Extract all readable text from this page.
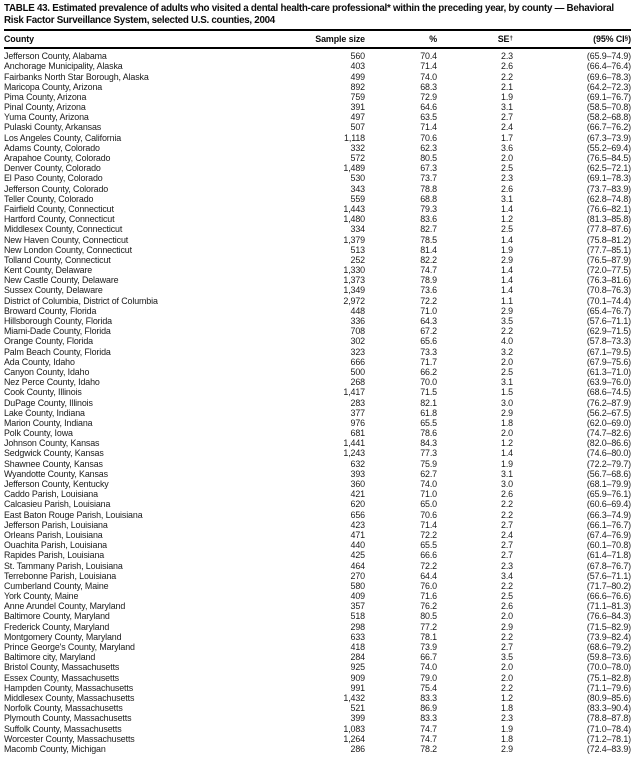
TABLE 43. Estimated prevalence of adults who visited a dental health-care professional* within the preceding year, by county — Behavioral Risk Factor Surveillance System, selected U.S. counties, 2004
County	Sample size	%	SE†	(95% CI§)
Jefferson County, Alabama	560	70.4	2.3	(65.9–74.9)
Anchorage Municipality, Alaska	403	71.4	2.6	(66.4–76.4)
Fairbanks North Star Borough, Alaska	499	74.0	2.2	(69.6–78.3)
Maricopa County, Arizona	892	68.3	2.1	(64.2–72.3)
Pima County, Arizona	759	72.9	1.9	(69.1–76.7)
Pinal County, Arizona	391	64.6	3.1	(58.5–70.8)
Yuma County, Arizona	497	63.5	2.7	(58.2–68.8)
Pulaski County, Arkansas	507	71.4	2.4	(66.7–76.2)
Los Angeles County, California	1,118	70.6	1.7	(67.3–73.9)
Adams County, Colorado	332	62.3	3.6	(55.2–69.4)
Arapahoe County, Colorado	572	80.5	2.0	(76.5–84.5)
Denver County, Colorado	1,489	67.3	2.5	(62.5–72.1)
El Paso County, Colorado	530	73.7	2.3	(69.1–78.3)
Jefferson County, Colorado	343	78.8	2.6	(73.7–83.9)
Teller County, Colorado	559	68.8	3.1	(62.8–74.8)
Fairfield County, Connecticut	1,443	79.3	1.4	(76.6–82.1)
Hartford County, Connecticut	1,480	83.6	1.2	(81.3–85.8)
Middlesex County, Connecticut	334	82.7	2.5	(77.8–87.6)
New Haven County, Connecticut	1,379	78.5	1.4	(75.8–81.2)
New London County, Connecticut	513	81.4	1.9	(77.7–85.1)
Tolland County, Connecticut	252	82.2	2.9	(76.5–87.9)
Kent County, Delaware	1,330	74.7	1.4	(72.0–77.5)
New Castle County, Delaware	1,373	78.9	1.4	(76.3–81.6)
Sussex County, Delaware	1,349	73.6	1.4	(70.8–76.3)
District of Columbia, District of Columbia	2,972	72.2	1.1	(70.1–74.4)
Broward County, Florida	448	71.0	2.9	(65.4–76.7)
Hillsborough County, Florida	336	64.3	3.5	(57.6–71.1)
Miami-Dade County, Florida	708	67.2	2.2	(62.9–71.5)
Orange County, Florida	302	65.6	4.0	(57.8–73.3)
Palm Beach County, Florida	323	73.3	3.2	(67.1–79.5)
Ada County, Idaho	666	71.7	2.0	(67.9–75.6)
Canyon County, Idaho	500	66.2	2.5	(61.3–71.0)
Nez Perce County, Idaho	268	70.0	3.1	(63.9–76.0)
Cook County, Illinois	1,417	71.5	1.5	(68.6–74.5)
DuPage County, Illinois	283	82.1	3.0	(76.2–87.9)
Lake County, Indiana	377	61.8	2.9	(56.2–67.5)
Marion County, Indiana	976	65.5	1.8	(62.0–69.0)
Polk County, Iowa	681	78.6	2.0	(74.7–82.6)
Johnson County, Kansas	1,441	84.3	1.2	(82.0–86.6)
Sedgwick County, Kansas	1,243	77.3	1.4	(74.6–80.0)
Shawnee County, Kansas	632	75.9	1.9	(72.2–79.7)
Wyandotte County, Kansas	393	62.7	3.1	(56.7–68.6)
Jefferson County, Kentucky	360	74.0	3.0	(68.1–79.9)
Caddo Parish, Louisiana	421	71.0	2.6	(65.9–76.1)
Calcasieu Parish, Louisiana	620	65.0	2.2	(60.6–69.4)
East Baton Rouge Parish, Louisiana	656	70.6	2.2	(66.3–74.9)
Jefferson Parish, Louisiana	423	71.4	2.7	(66.1–76.7)
Orleans Parish, Louisiana	471	72.2	2.4	(67.4–76.9)
Ouachita Parish, Louisiana	440	65.5	2.7	(60.1–70.8)
Rapides Parish, Louisiana	425	66.6	2.7	(61.4–71.8)
St. Tammany Parish, Louisiana	464	72.2	2.3	(67.8–76.7)
Terrebonne Parish, Louisiana	270	64.4	3.4	(57.6–71.1)
Cumberland County, Maine	580	76.0	2.2	(71.7–80.2)
York County, Maine	409	71.6	2.5	(66.6–76.6)
Anne Arundel County, Maryland	357	76.2	2.6	(71.1–81.3)
Baltimore County, Maryland	518	80.5	2.0	(76.6–84.3)
Frederick County, Maryland	298	77.2	2.9	(71.5–82.9)
Montgomery County, Maryland	633	78.1	2.2	(73.9–82.4)
Prince George's County, Maryland	418	73.9	2.7	(68.6–79.2)
Baltimore city, Maryland	284	66.7	3.5	(59.8–73.6)
Bristol County, Massachusetts	925	74.0	2.0	(70.0–78.0)
Essex County, Massachusetts	909	79.0	2.0	(75.1–82.8)
Hampden County, Massachusetts	991	75.4	2.2	(71.1–79.6)
Middlesex County, Massachusetts	1,432	83.3	1.2	(80.9–85.6)
Norfolk County, Massachusetts	521	86.9	1.8	(83.3–90.4)
Plymouth County, Massachusetts	399	83.3	2.3	(78.8–87.8)
Suffolk County, Massachusetts	1,083	74.7	1.9	(71.0–78.4)
Worcester County, Massachusetts	1,264	74.7	1.8	(71.2–78.1)
Macomb County, Michigan	286	78.2	2.9	(72.4–83.9)
